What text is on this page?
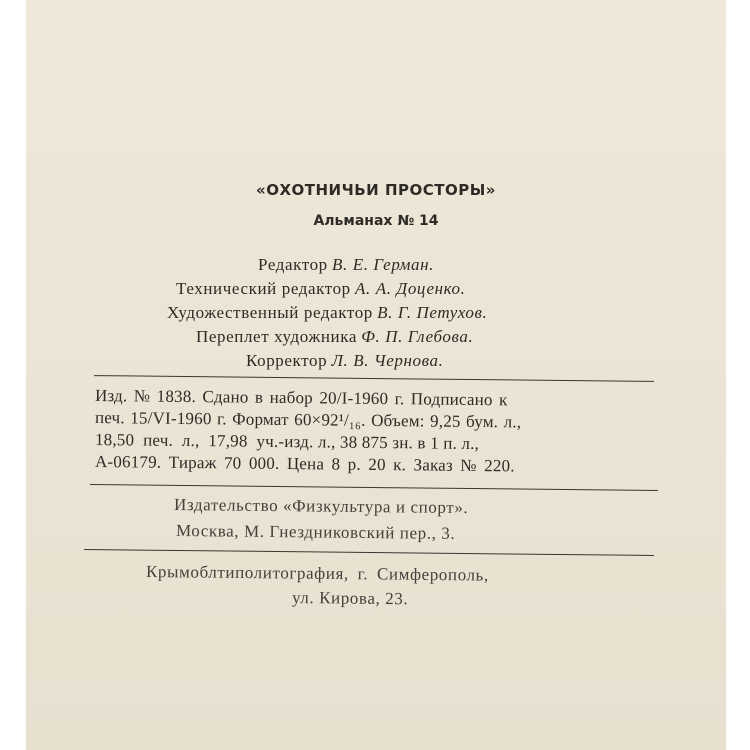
«ОХОТНИЧЬИ ПРОСТОРЫ»
Альманах № 14
Редактор В. Е. Герман.
Технический редактор А. А. Доценко.
Художественный редактор В. Г. Петухов.
Переплет художника Ф. П. Глебова.
Корректор Л. В. Чернова.
Изд. № 1838. Сдано в набор 20/I-1960 г. Подписано к
печ. 15/VI-1960 г. Формат 60×92¹/₁₆. Объем: 9,25 бум. л.,
18,50  печ.  л.,  17,98  уч.-изд. л., 38 875 зн. в 1 п. л.,
А-06179. Тираж 70 000. Цена 8 р. 20 к. Заказ № 220.
Издательство «Физкультура и спорт».
Москва, М. Гнездниковский пер., 3.
Крымоблтиполитография, г. Симферополь,
ул. Кирова, 23.
